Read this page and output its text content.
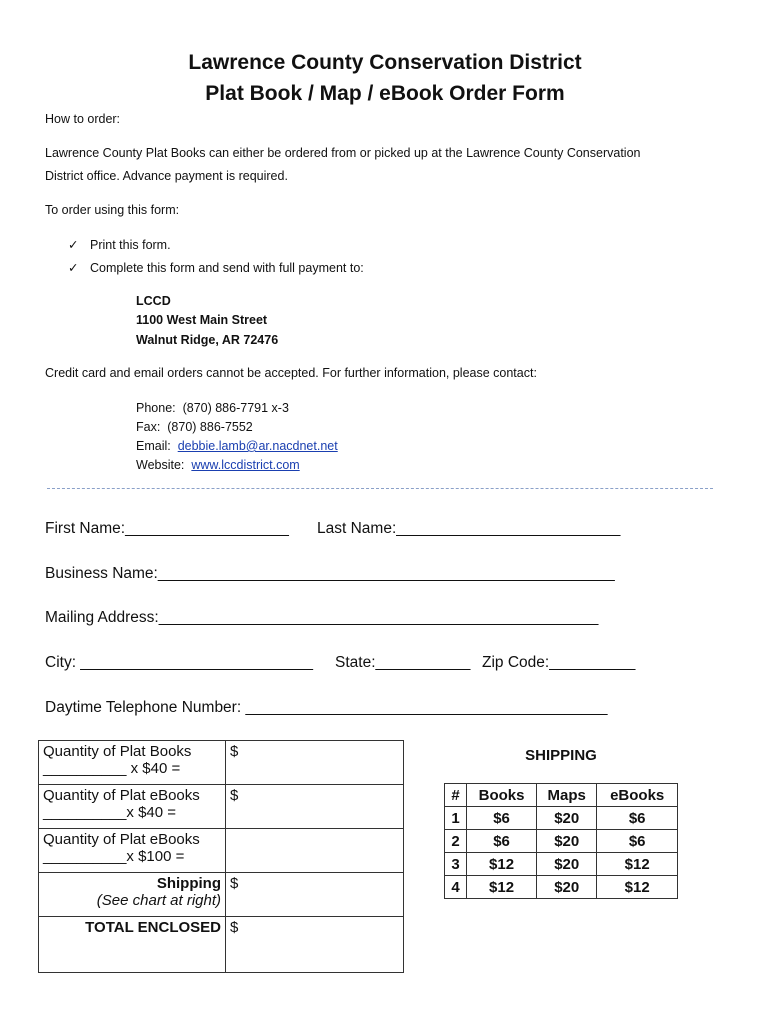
Lawrence County Conservation District
Plat Book / Map / eBook Order Form
How to order:
Lawrence County Plat Books can either be ordered from or picked up at the Lawrence County Conservation
District office. Advance payment is required.
To order using this form:
✓ Print this form.
✓ Complete this form and send with full payment to:
LCCD
1100 West Main Street
Walnut Ridge, AR 72476
Credit card and email orders cannot be accepted. For further information, please contact:
Phone: (870) 886-7791 x-3
Fax: (870) 886-7552
Email: debbie.lamb@ar.nacdnet.net
Website: www.lccdistrict.com
First Name:___________________ Last Name:__________________________
Business Name:_____________________________________________________
Mailing Address:___________________________________________________
City: ___________________________ State:___________ Zip Code:__________
Daytime Telephone Number: __________________________________________
Quantity of Plat Books
__________ x $40 =	$

Quantity of Plat eBooks
__________x $40 =	$

Quantity of Plat eBooks
__________x $100 =	

Shipping
(See chart at right)	$

TOTAL ENCLOSED	$
SHIPPING
#	Books	Maps	eBooks
1	$6	$20	$6
2	$6	$20	$6
3	$12	$20	$12
4	$12	$20	$12
